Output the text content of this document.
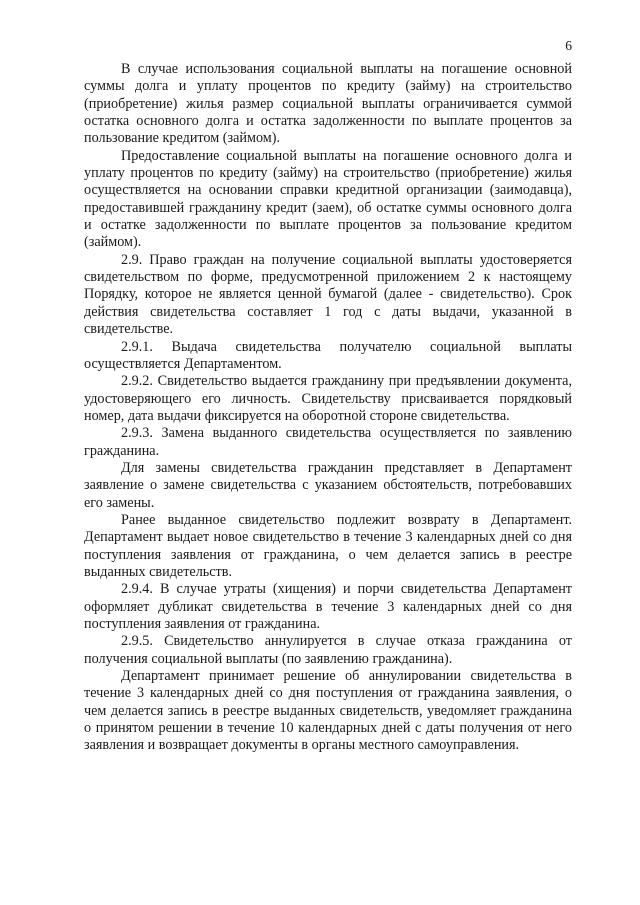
6

В случае использования социальной выплаты на погашение основной суммы долга и уплату процентов по кредиту (займу) на строительство (приобретение) жилья размер социальной выплаты ограничивается суммой остатка основного долга и остатка задолженности по выплате процентов за пользование кредитом (займом).

Предоставление социальной выплаты на погашение основного долга и уплату процентов по кредиту (займу) на строительство (приобретение) жилья осуществляется на основании справки кредитной организации (заимодавца), предоставившей гражданину кредит (заем), об остатке суммы основного долга и остатке задолженности по выплате процентов за пользование кредитом (займом).

2.9. Право граждан на получение социальной выплаты удостоверяется свидетельством по форме, предусмотренной приложением 2 к настоящему Порядку, которое не является ценной бумагой (далее - свидетельство). Срок действия свидетельства составляет 1 год с даты выдачи, указанной в свидетельстве.

2.9.1. Выдача свидетельства получателю социальной выплаты осуществляется Департаментом.

2.9.2. Свидетельство выдается гражданину при предъявлении документа, удостоверяющего его личность. Свидетельству присваивается порядковый номер, дата выдачи фиксируется на оборотной стороне свидетельства.

2.9.3. Замена выданного свидетельства осуществляется по заявлению гражданина.

Для замены свидетельства гражданин представляет в Департамент заявление о замене свидетельства с указанием обстоятельств, потребовавших его замены.

Ранее выданное свидетельство подлежит возврату в Департамент. Департамент выдает новое свидетельство в течение 3 календарных дней со дня поступления заявления от гражданина, о чем делается запись в реестре выданных свидетельств.

2.9.4. В случае утраты (хищения) и порчи свидетельства Департамент оформляет дубликат свидетельства в течение 3 календарных дней со дня поступления заявления от гражданина.

2.9.5. Свидетельство аннулируется в случае отказа гражданина от получения социальной выплаты (по заявлению гражданина).

Департамент принимает решение об аннулировании свидетельства в течение 3 календарных дней со дня поступления от гражданина заявления, о чем делается запись в реестре выданных свидетельств, уведомляет гражданина о принятом решении в течение 10 календарных дней с даты получения от него заявления и возвращает документы в органы местного самоуправления.
